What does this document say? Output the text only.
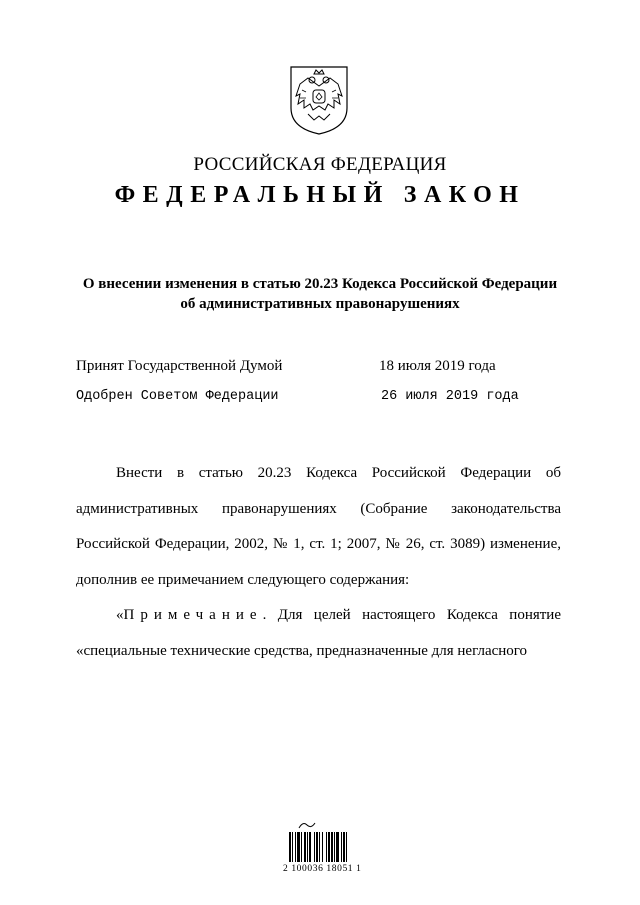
РОССИЙСКАЯ ФЕДЕРАЦИЯ
ФЕДЕРАЛЬНЫЙ ЗАКОН
О внесении изменения в статью 20.23 Кодекса Российской Федерации
об административных правонарушениях
Принят Государственной Думой	18 июля 2019 года
Одобрен Советом Федерации	26 июля 2019 года

Внести в статью 20.23 Кодекса Российской Федерации об административных правонарушениях (Собрание законодательства Российской Федерации, 2002, № 1, ст. 1; 2007, № 26, ст. 3089) изменение, дополнив ее примечанием следующего содержания:

«Примечание. Для целей настоящего Кодекса понятие «специальные технические средства, предназначенные для негласного

2 100036 18051 1
